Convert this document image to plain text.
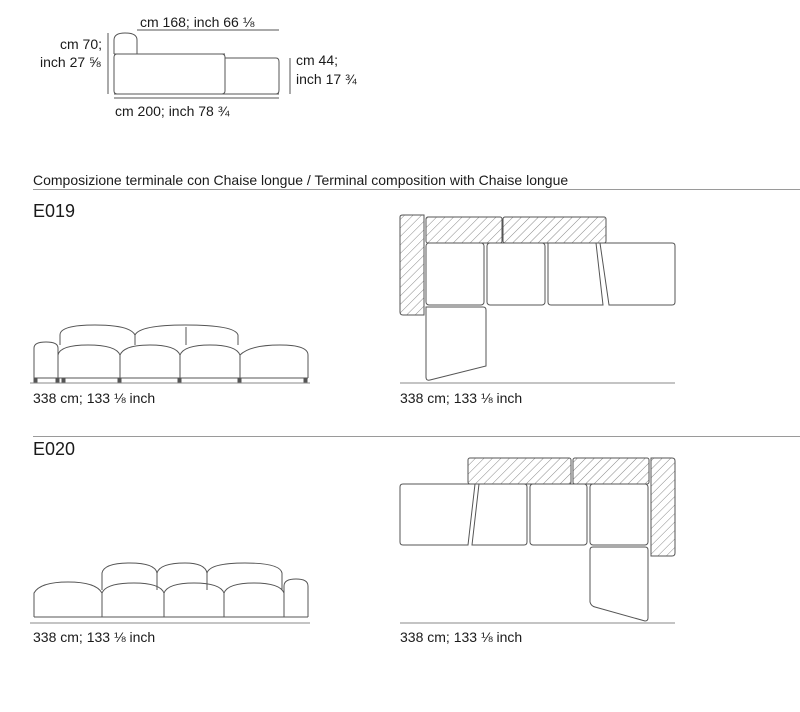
cm 168; inch 66 ⅛
cm 70;
inch 27 ⅝	cm 44;
inch 17 ¾
cm 200; inch 78 ¾
Composizione terminale con Chaise longue / Terminal composition with Chaise longue
E019
338 cm; 133 ⅛ inch	338 cm; 133 ⅛ inch
E020
338 cm; 133 ⅛ inch	338 cm; 133 ⅛ inch
